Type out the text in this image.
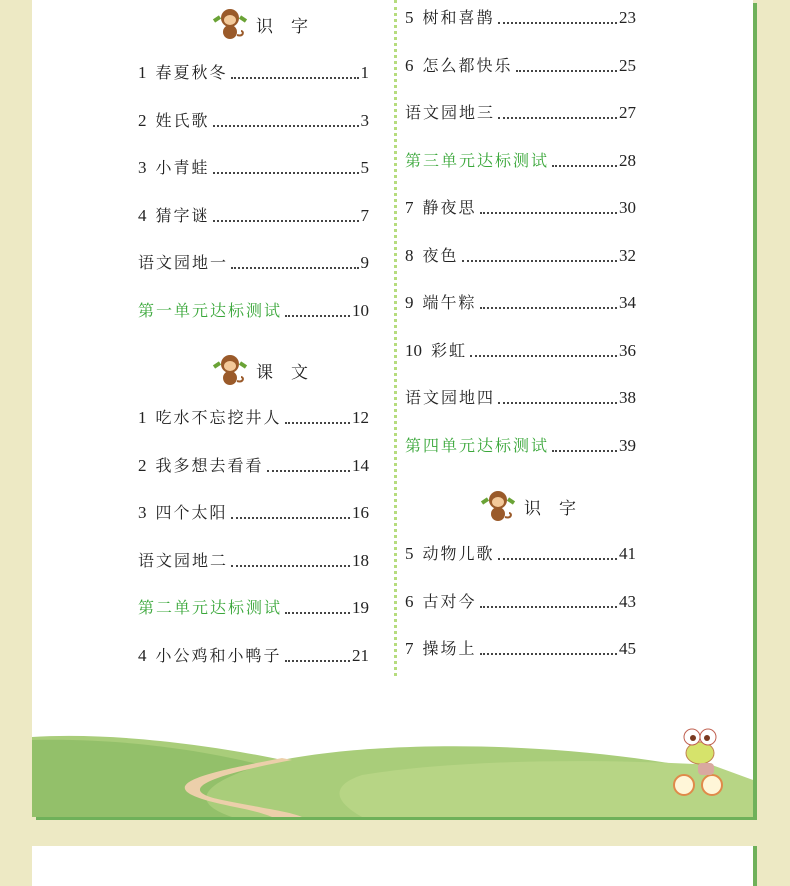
识字
课文
识字
1 春夏秋冬	1
2 姓氏歌	3
3 小青蛙	5
4 猜字谜	7
语文园地一	9
第一单元达标测试	10
1 吃水不忘挖井人	12
2 我多想去看看	14
3 四个太阳	16
语文园地二	18
第二单元达标测试	19
4 小公鸡和小鸭子	21
5 树和喜鹊	23
6 怎么都快乐	25
语文园地三	27
第三单元达标测试	28
7 静夜思	30
8 夜色	32
9 端午粽	34
10 彩虹	36
语文园地四	38
第四单元达标测试	39
5 动物儿歌	41
6 古对今	43
7 操场上	45
